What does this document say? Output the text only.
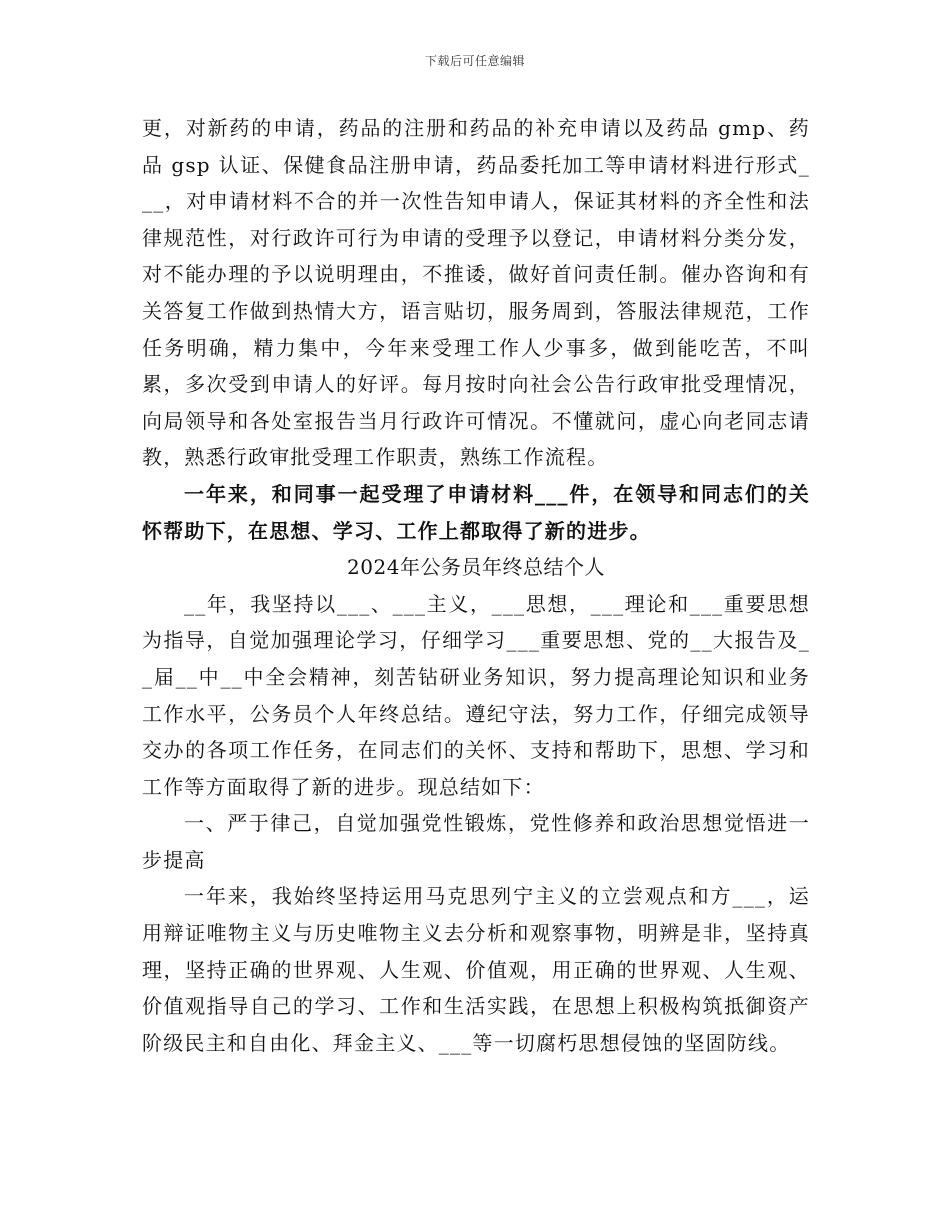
下载后可任意编辑

更，对新药的申请，药品的注册和药品的补充申请以及药品 gmp、药品 gsp 认证、保健食品注册申请，药品委托加工等申请材料进行形式___，对申请材料不合的并一次性告知申请人，保证其材料的齐全性和法律规范性，对行政许可行为申请的受理予以登记，申请材料分类分发，对不能办理的予以说明理由，不推诿，做好首问责任制。催办咨询和有关答复工作做到热情大方，语言贴切，服务周到，答服法律规范，工作任务明确，精力集中，今年来受理工作人少事多，做到能吃苦，不叫累，多次受到申请人的好评。每月按时向社会公告行政审批受理情况，向局领导和各处室报告当月行政许可情况。不懂就问，虚心向老同志请教，熟悉行政审批受理工作职责，熟练工作流程。

一年来，和同事一起受理了申请材料___件，在领导和同志们的关怀帮助下，在思想、学习、工作上都取得了新的进步。

2024年公务员年终总结个人

__年，我坚持以___、___主义，___思想，___理论和___重要思想为指导，自觉加强理论学习，仔细学习___重要思想、党的__大报告及__届__中__中全会精神，刻苦钻研业务知识，努力提高理论知识和业务工作水平，公务员个人年终总结。遵纪守法，努力工作，仔细完成领导交办的各项工作任务，在同志们的关怀、支持和帮助下，思想、学习和工作等方面取得了新的进步。现总结如下：

一、严于律己，自觉加强党性锻炼，党性修养和政治思想觉悟进一步提高

一年来，我始终坚持运用马克思列宁主义的立尝观点和方___，运用辩证唯物主义与历史唯物主义去分析和观察事物，明辨是非，坚持真理，坚持正确的世界观、人生观、价值观，用正确的世界观、人生观、价值观指导自己的学习、工作和生活实践，在思想上积极构筑抵御资产阶级民主和自由化、拜金主义、___等一切腐朽思想侵蚀的坚固防线。
